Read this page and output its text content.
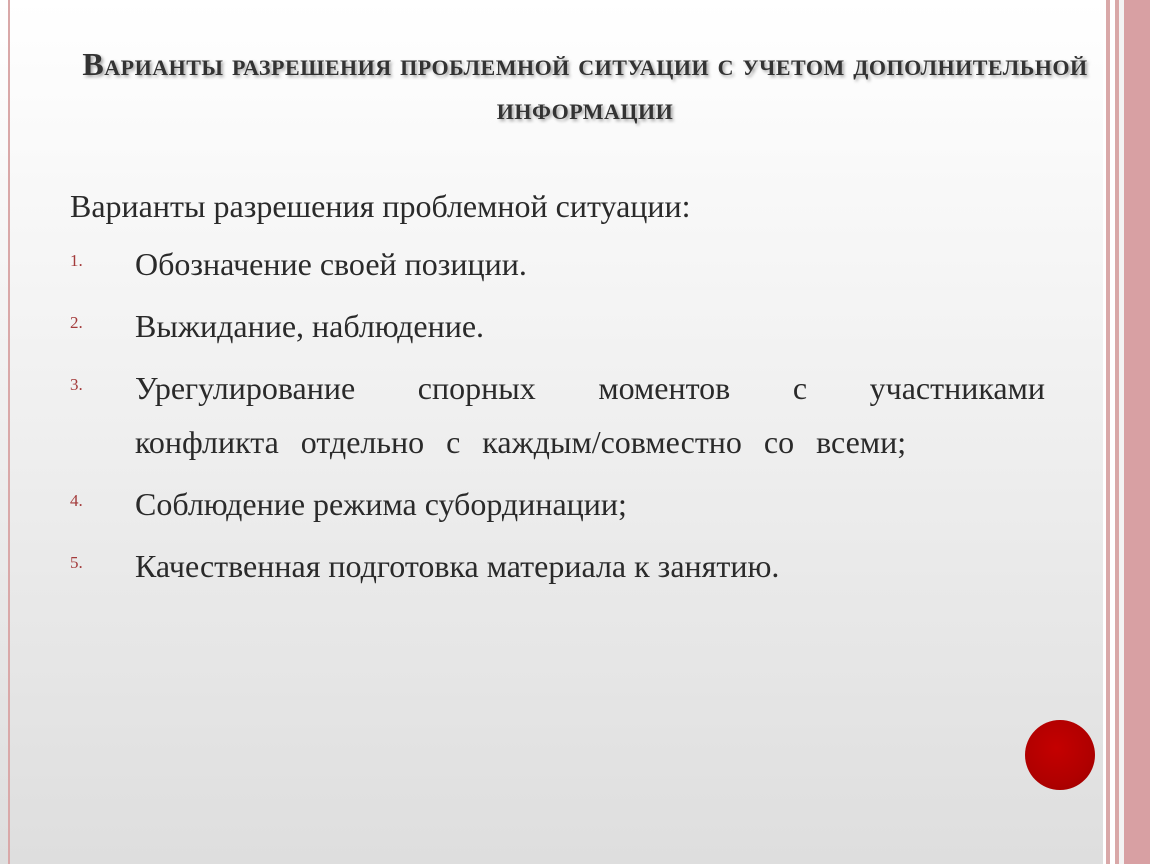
Варианты разрешения проблемной ситуации с учетом дополнительной информации

Варианты разрешения проблемной ситуации:

1. Обозначение своей позиции.
2. Выжидание, наблюдение.
3. Урегулирование спорных моментов с участниками конфликта отдельно с каждым/совместно со всеми;
4. Соблюдение режима субординации;
5. Качественная подготовка материала к занятию.
